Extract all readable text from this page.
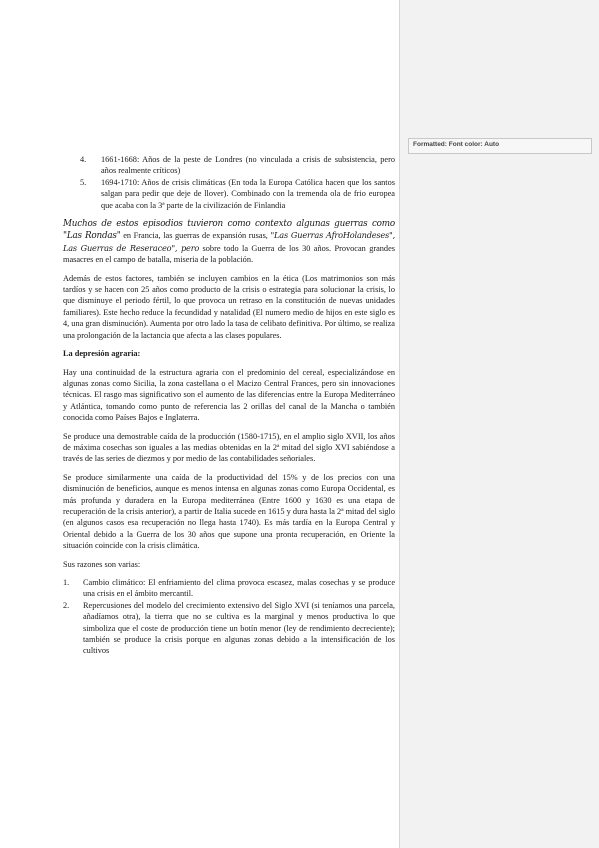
4. 1661-1668: Años de la peste de Londres (no vinculada a crisis de subsistencia, pero años realmente críticos)
5. 1694-1710: Años de crisis climáticas (En toda la Europa Católica hacen que los santos salgan para pedir que deje de llover). Combinado con la tremenda ola de frio europea que acaba con la 3ª parte de la civilización de Finlandia

Muchos de estos episodios tuvieron como contexto algunas guerras como "Las Rondas" en Francia, las guerras de expansión rusas, "Las Guerras AfroHolandeses", Las Guerras de Reseraceo", pero sobre todo la Guerra de los 30 años. Provocan grandes masacres en el campo de batalla, miseria de la población.

Además de estos factores, también se incluyen cambios en la ética (Los matrimonios son más tardíos y se hacen con 25 años como producto de la crisis o estrategia para solucionar la crisis, lo que disminuye el periodo fértil, lo que provoca un retraso en la constitución de nuevas unidades familiares). Este hecho reduce la fecundidad y natalidad (El numero medio de hijos en este siglo es 4, una gran disminución). Aumenta por otro lado la tasa de celibato definitiva. Por último, se realiza una prolongación de la lactancia que afecta a las clases populares.

La depresión agraria:

Hay una continuidad de la estructura agraria con el predominio del cereal, especializándose en algunas zonas como Sicilia, la zona castellana o el Macizo Central Frances, pero sin innovaciones técnicas. El rasgo mas significativo son el aumento de las diferencias entre la Europa Mediterráneo y Atlántica, tomando como punto de referencia las 2 orillas del canal de la Mancha o también conocida como Países Bajos e Inglaterra.

Se produce una demostrable caída de la producción (1580-1715), en el amplio siglo XVII, los años de máxima cosechas son iguales a las medias obtenidas en la 2ª mitad del siglo XVI sabiéndose a través de las series de diezmos y por medio de las contabilidades señoriales.

Se produce similarmente una caída de la productividad del 15% y de los precios con una disminución de beneficios, aunque es menos intensa en algunas zonas como Europa Occidental, es más profunda y duradera en la Europa mediterránea (Entre 1600 y 1630 es una etapa de recuperación de la crisis anterior), a partir de Italia sucede en 1615 y dura hasta la 2ª mitad del siglo (en algunos casos esa recuperación no llega hasta 1740). Es más tardía en la Europa Central y Oriental debido a la Guerra de los 30 años que supone una pronta recuperación, en Oriente la situación coincide con la crisis climática.

Sus razones son varias:

1. Cambio climático: El enfriamiento del clima provoca escasez, malas cosechas y se produce una crisis en el ámbito mercantil.
2. Repercusiones del modelo del crecimiento extensivo del Siglo XVI (si teníamos una parcela, añadíamos otra), la tierra que no se cultiva es la marginal y menos productiva lo que simboliza que el coste de producción tiene un botín menor (ley de rendimiento decreciente); también se produce la crisis porque en algunas zonas debido a la intensificación de los cultivos
Formatted: Font color: Auto
